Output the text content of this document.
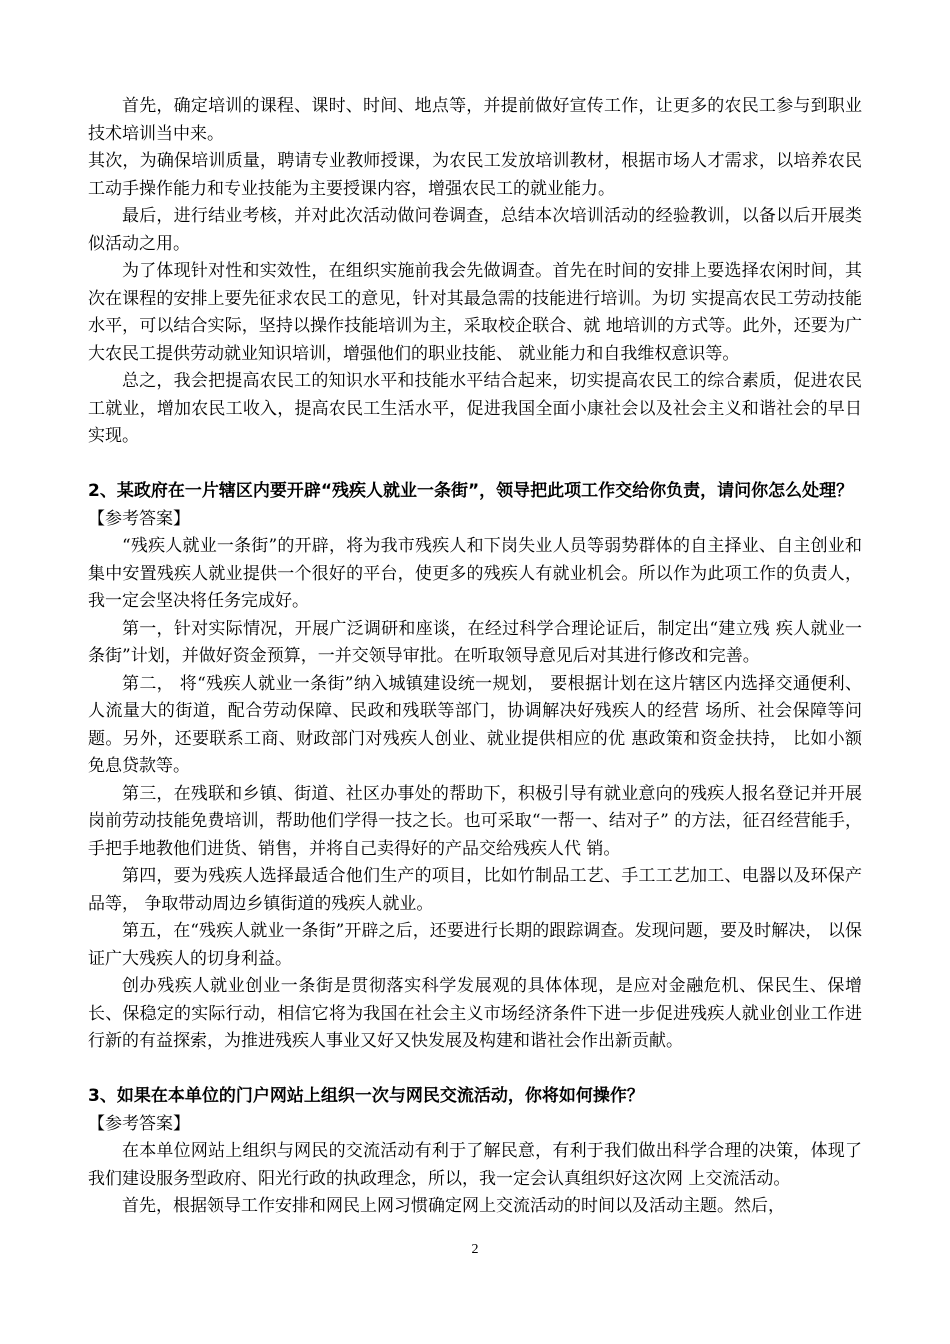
首先，确定培训的课程、课时、时间、地点等，并提前做好宣传工作，让更多的农民工参与到职业技术培训当中来。

其次，为确保培训质量，聘请专业教师授课，为农民工发放培训教材，根据市场人才需求，以培养农民工动手操作能力和专业技能为主要授课内容，增强农民工的就业能力。

最后，进行结业考核，并对此次活动做问卷调查，总结本次培训活动的经验教训，以备以后开展类似活动之用。

为了体现针对性和实效性，在组织实施前我会先做调查。首先在时间的安排上要选择农闲时间，其次在课程的安排上要先征求农民工的意见，针对其最急需的技能进行培训。为切 实提高农民工劳动技能水平，可以结合实际，坚持以操作技能培训为主，采取校企联合、就 地培训的方式等。此外，还要为广大农民工提供劳动就业知识培训，增强他们的职业技能、 就业能力和自我维权意识等。

总之，我会把提高农民工的知识水平和技能水平结合起来，切实提高农民工的综合素质，促进农民工就业，增加农民工收入，提高农民工生活水平，促进我国全面小康社会以及社会主义和谐社会的早日实现。

2、某政府在一片辖区内要开辟“残疾人就业一条街”，领导把此项工作交给你负责，请问你怎么处理？

【参考答案】

“残疾人就业一条街”的开辟，将为我市残疾人和下岗失业人员等弱势群体的自主择业、自主创业和集中安置残疾人就业提供一个很好的平台，使更多的残疾人有就业机会。所以作为此项工作的负责人， 我一定会坚决将任务完成好。

第一，针对实际情况，开展广泛调研和座谈，在经过科学合理论证后，制定出“建立残 疾人就业一条街”计划，并做好资金预算，一并交领导审批。在听取领导意见后对其进行修改和完善。

第二， 将“残疾人就业一条街”纳入城镇建设统一规划， 要根据计划在这片辖区内选择交通便利、人流量大的街道，配合劳动保障、民政和残联等部门，协调解决好残疾人的经营 场所、社会保障等问题。另外，还要联系工商、财政部门对残疾人创业、就业提供相应的优 惠政策和资金扶持， 比如小额免息贷款等。

第三，在残联和乡镇、街道、社区办事处的帮助下，积极引导有就业意向的残疾人报名登记并开展岗前劳动技能免费培训，帮助他们学得一技之长。也可采取“一帮一、结对子” 的方法，征召经营能手，手把手地教他们进货、销售，并将自己卖得好的产品交给残疾人代 销。

第四，要为残疾人选择最适合他们生产的项目，比如竹制品工艺、手工工艺加工、电器以及环保产品等， 争取带动周边乡镇街道的残疾人就业。

第五，在“残疾人就业一条街”开辟之后，还要进行长期的跟踪调查。发现问题，要及时解决， 以保证广大残疾人的切身利益。

创办残疾人就业创业一条街是贯彻落实科学发展观的具体体现，是应对金融危机、保民生、保增长、保稳定的实际行动，相信它将为我国在社会主义市场经济条件下进一步促进残疾人就业创业工作进行新的有益探索，为推进残疾人事业又好又快发展及构建和谐社会作出新贡献。

3、如果在本单位的门户网站上组织一次与网民交流活动，你将如何操作？

【参考答案】

在本单位网站上组织与网民的交流活动有利于了解民意，有利于我们做出科学合理的决策，体现了我们建设服务型政府、阳光行政的执政理念，所以，我一定会认真组织好这次网 上交流活动。

首先，根据领导工作安排和网民上网习惯确定网上交流活动的时间以及活动主题。然后，

2
